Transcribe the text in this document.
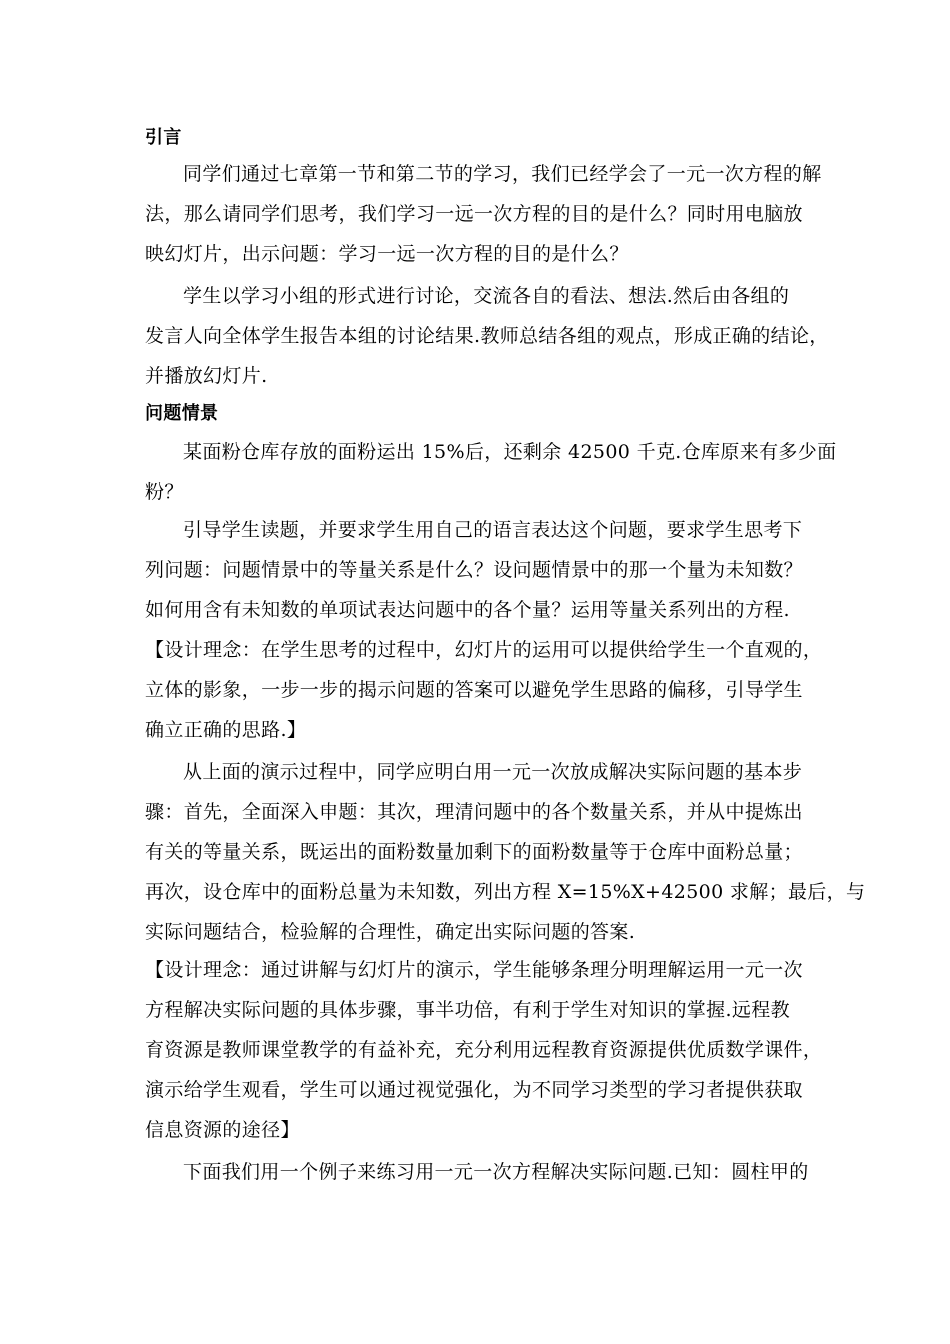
引言
同学们通过七章第一节和第二节的学习，我们已经学会了一元一次方程的解
法，那么请同学们思考，我们学习一远一次方程的目的是什么？同时用电脑放
映幻灯片，出示问题：学习一远一次方程的目的是什么？
学生以学习小组的形式进行讨论，交流各自的看法、想法.然后由各组的
发言人向全体学生报告本组的讨论结果.教师总结各组的观点，形成正确的结论，
并播放幻灯片.
问题情景
某面粉仓库存放的面粉运出 15%后，还剩余 42500 千克.仓库原来有多少面
粉？
引导学生读题，并要求学生用自己的语言表达这个问题，要求学生思考下
列问题：问题情景中的等量关系是什么？设问题情景中的那一个量为未知数？
如何用含有未知数的单项试表达问题中的各个量？运用等量关系列出的方程.
【设计理念：在学生思考的过程中，幻灯片的运用可以提供给学生一个直观的，
立体的影象，一步一步的揭示问题的答案可以避免学生思路的偏移，引导学生
确立正确的思路.】
从上面的演示过程中，同学应明白用一元一次放成解决实际问题的基本步
骤：首先，全面深入申题：其次，理清问题中的各个数量关系，并从中提炼出
有关的等量关系，既运出的面粉数量加剩下的面粉数量等于仓库中面粉总量；
再次，设仓库中的面粉总量为未知数，列出方程 X=15%X+42500 求解；最后，与
实际问题结合，检验解的合理性，确定出实际问题的答案.
【设计理念：通过讲解与幻灯片的演示，学生能够条理分明理解运用一元一次
方程解决实际问题的具体步骤，事半功倍，有利于学生对知识的掌握.远程教
育资源是教师课堂教学的有益补充，充分利用远程教育资源提供优质数学课件，
演示给学生观看，学生可以通过视觉强化，为不同学习类型的学习者提供获取
信息资源的途径】
下面我们用一个例子来练习用一元一次方程解决实际问题.已知：圆柱甲的
